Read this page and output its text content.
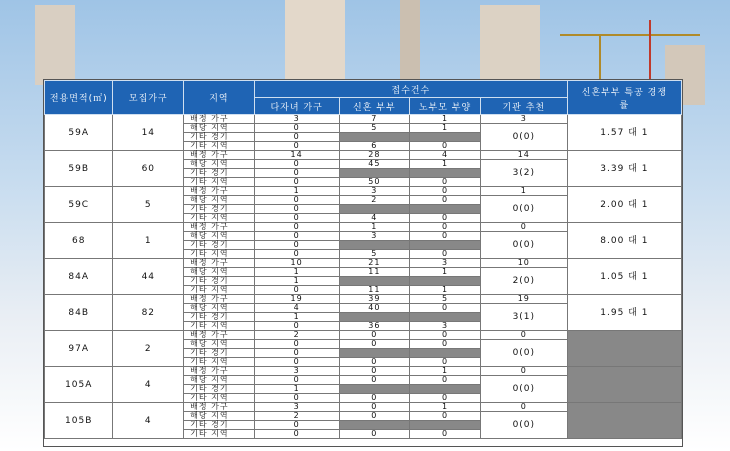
전용면적(㎡)	모집가구	지역	접수건수				신혼부부 특공 경쟁률
			다자녀 가구	신혼 부부	노부모 부양	기관 추천	
59A	14	배정 가구	3	7	1	3	1.57 대 1
		해당 지역	0	5	1	0(0)	
		기타 경기	0				
		기타 지역	0	6	0		
59B	60	배정 가구	14	28	4	14	3.39 대 1
		해당 지역	0	45	1	3(2)	
		기타 경기	0				
		기타 지역	0	50	0		
59C	5	배정 가구	1	3	0	1	2.00 대 1
		해당 지역	0	2	0	0(0)	
		기타 경기	0				
		기타 지역	0	4	0		
68	1	배정 가구	0	1	0	0	8.00 대 1
		해당 지역	0	3	0	0(0)	
		기타 경기	0				
		기타 지역	0	5	0		
84A	44	배정 가구	10	21	3	10	1.05 대 1
		해당 지역	1	11	1	2(0)	
		기타 경기	1				
		기타 지역	0	11	1		
84B	82	배정 가구	19	39	5	19	1.95 대 1
		해당 지역	4	40	0	3(1)	
		기타 경기	1				
		기타 지역	0	36	3		
97A	2	배정 가구	2	0	0	0	
		해당 지역	0	0	0	0(0)	
		기타 경기	0				
		기타 지역	0	0	0		
105A	4	배정 가구	3	0	1	0	
		해당 지역	0	0	0	0(0)	
		기타 경기	1				
		기타 지역	0	0	0		
105B	4	배정 가구	3	0	1	0	
		해당 지역	2	0	0	0(0)	
		기타 경기	0				
		기타 지역	0	0	0		
